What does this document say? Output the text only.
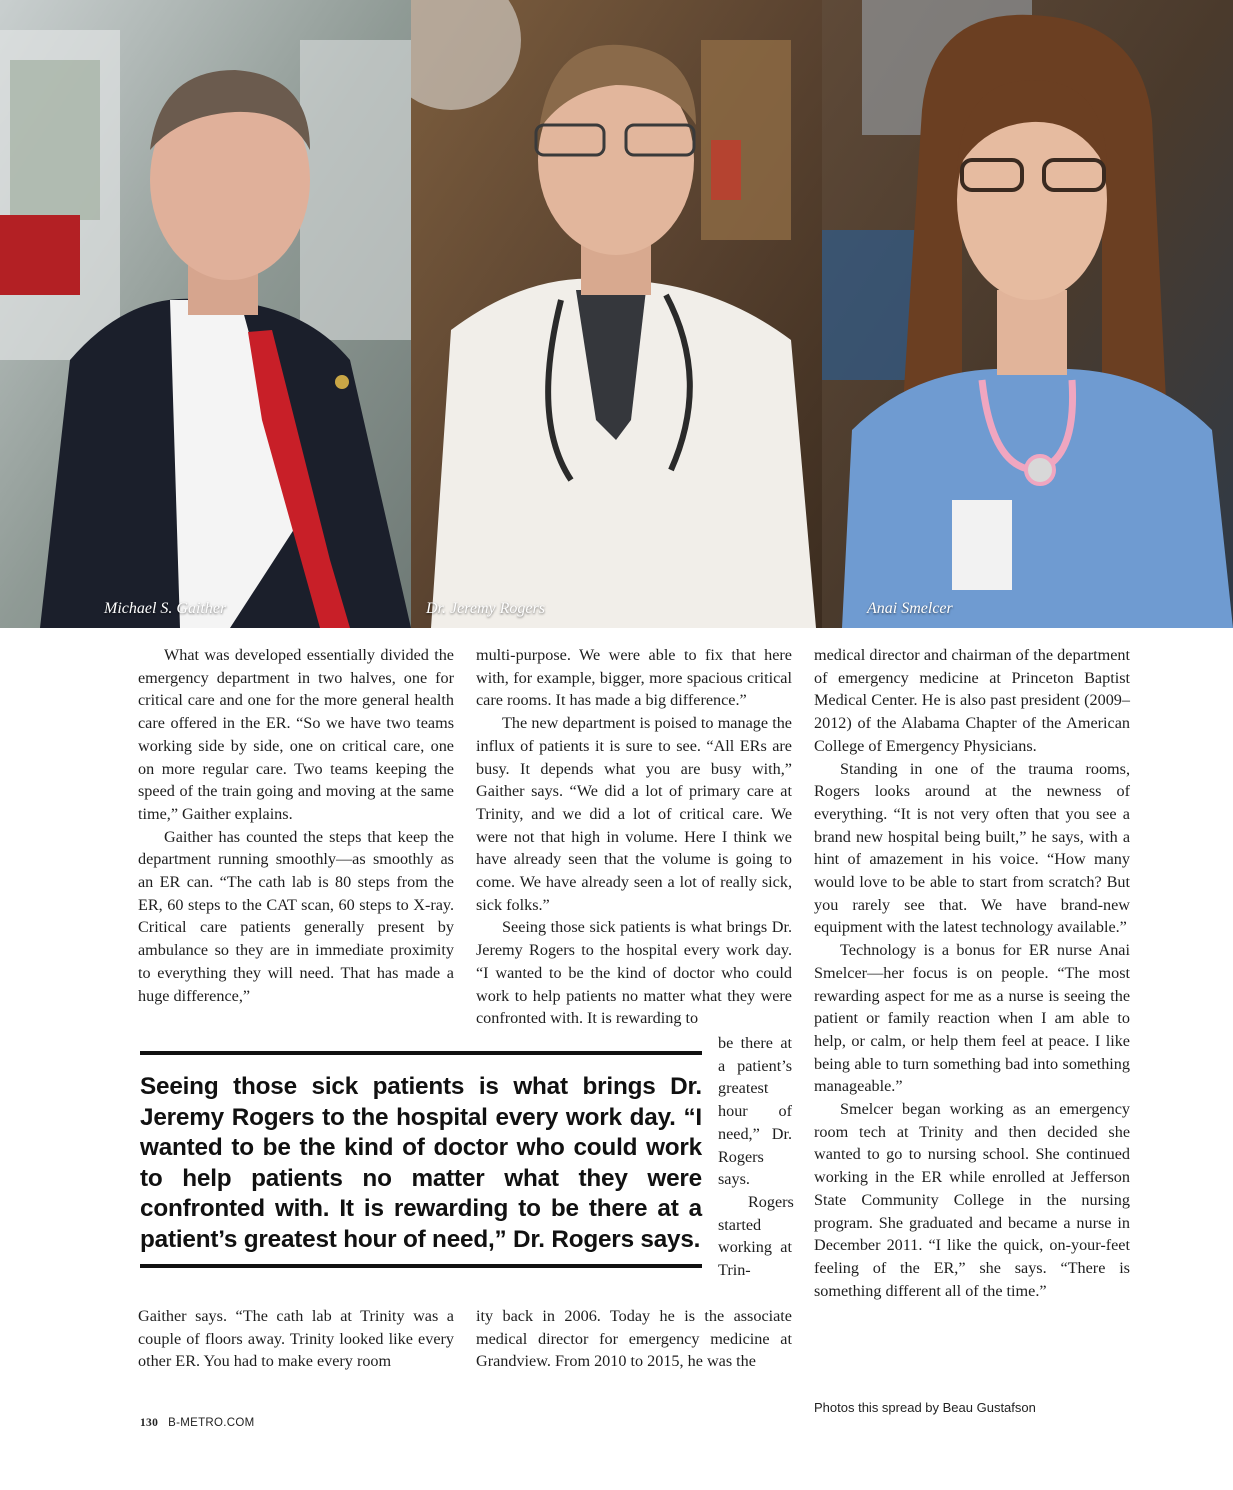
Michael S. Gaither	Dr. Jeremy Rogers	Anai Smelcer

What was developed essentially divided the emergency department in two halves, one for critical care and one for the more general health care offered in the ER. “So we have two teams working side by side, one on critical care, one on more regular care. Two teams keeping the speed of the train going and moving at the same time,” Gaither explains.

Gaither has counted the steps that keep the department running smoothly—as smoothly as an ER can. “The cath lab is 80 steps from the ER, 60 steps to the CAT scan, 60 steps to X-ray. Critical care patients generally present by ambulance so they are in immediate proximity to everything they will need. That has made a huge difference,”

multi-purpose. We were able to fix that here with, for example, bigger, more spacious critical care rooms. It has made a big difference.”

The new department is poised to manage the influx of patients it is sure to see. “All ERs are busy. It depends what you are busy with,” Gaither says. “We did a lot of primary care at Trinity, and we did a lot of critical care. We were not that high in volume. Here I think we have already seen that the volume is going to come. We have already seen a lot of really sick, sick folks.”

Seeing those sick patients is what brings Dr. Jeremy Rogers to the hospital every work day. “I wanted to be the kind of doctor who could work to help patients no matter what they were confronted with. It is rewarding to

Seeing those sick patients is what brings Dr. Jeremy Rogers to the hospital every work day. “I wanted to be the kind of doctor who could work to help patients no matter what they were confronted with. It is rewarding to be there at a patient’s greatest hour of need,” Dr. Rogers says.

be there at a patient’s greatest hour of need,” Dr. Rogers says.

Rogers started working at Trin-

Gaither says. “The cath lab at Trinity was a couple of floors away. Trinity looked like every other ER. You had to make every room

ity back in 2006. Today he is the associate medical director for emergency medicine at Grandview. From 2010 to 2015, he was the

medical director and chairman of the department of emergency medicine at Princeton Baptist Medical Center. He is also past president (2009–2012) of the Alabama Chapter of the American College of Emergency Physicians.

Standing in one of the trauma rooms, Rogers looks around at the newness of everything. “It is not very often that you see a brand new hospital being built,” he says, with a hint of amazement in his voice. “How many would love to be able to start from scratch? But you rarely see that. We have brand-new equipment with the latest technology available.”

Technology is a bonus for ER nurse Anai Smelcer—her focus is on people. “The most rewarding aspect for me as a nurse is seeing the patient or family reaction when I am able to help, or calm, or help them feel at peace. I like being able to turn something bad into something manageable.”

Smelcer began working as an emergency room tech at Trinity and then decided she wanted to go to nursing school. She continued working in the ER while enrolled at Jefferson State Community College in the nursing program. She graduated and became a nurse in December 2011. “I like the quick, on-your-feet feeling of the ER,” she says. “There is something different all of the time.”

Photos this spread by Beau Gustafson
130 B-METRO.COM
